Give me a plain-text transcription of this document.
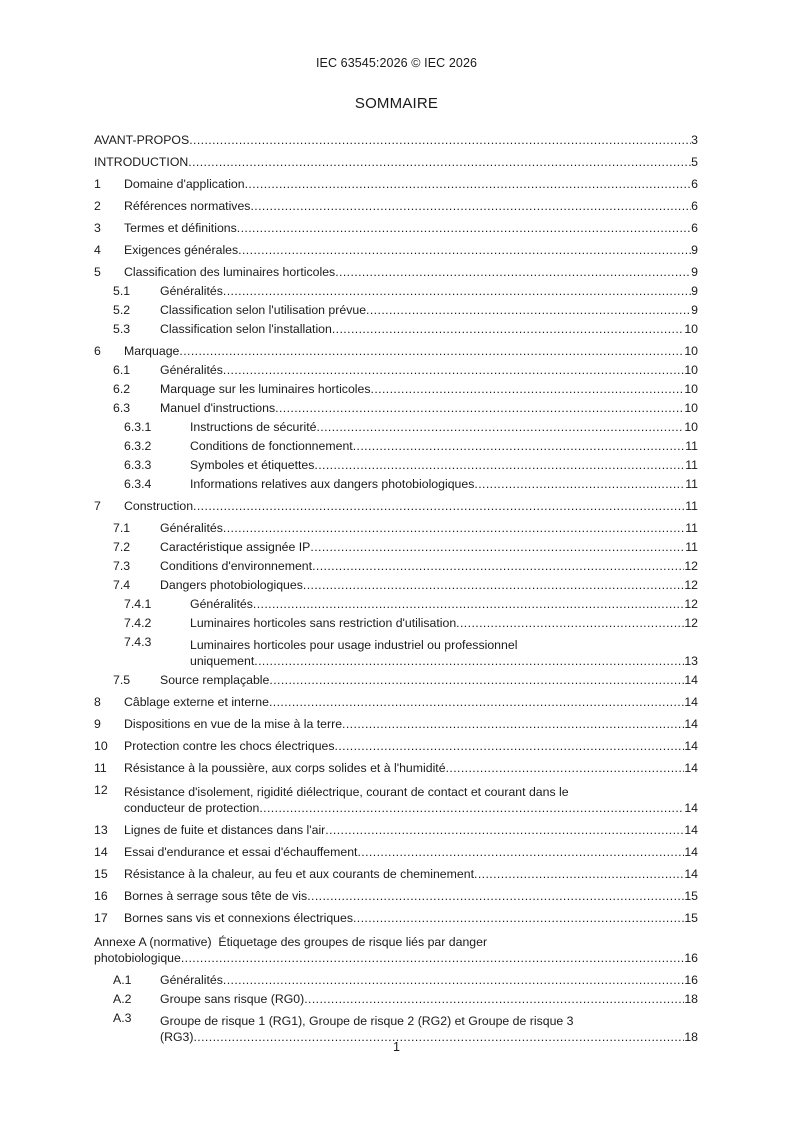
IEC 63545:2026 © IEC 2026
SOMMAIRE
AVANT-PROPOS .....	3
INTRODUCTION .....	5
1 Domaine d'application .....	6
2 Références normatives .....	6
3 Termes et définitions .....	6
4 Exigences générales .....	9
5 Classification des luminaires horticoles .....	9
5.1 Généralités .....	9
5.2 Classification selon l'utilisation prévue .....	9
5.3 Classification selon l'installation .....	10
6 Marquage .....	10
6.1 Généralités .....	10
6.2 Marquage sur les luminaires horticoles .....	10
6.3 Manuel d'instructions .....	10
6.3.1	Instructions de sécurité .....	10
6.3.2	Conditions de fonctionnement .....	11
6.3.3	Symboles et étiquettes .....	11
6.3.4	Informations relatives aux dangers photobiologiques .....	11
7 Construction .....	11
7.1 Généralités .....	11
7.2 Caractéristique assignée IP .....	11
7.3 Conditions d'environnement .....	12
7.4 Dangers photobiologiques .....	12
7.4.1	Généralités .....	12
7.4.2	Luminaires horticoles sans restriction d'utilisation .....	12
7.4.3	Luminaires horticoles pour usage industriel ou professionnel
uniquement .....	13
7.5 Source remplaçable .....	14
8 Câblage externe et interne .....	14
9 Dispositions en vue de la mise à la terre .....	14
10 Protection contre les chocs électriques .....	14
11 Résistance à la poussière, aux corps solides et à l'humidité .....	14
12 Résistance d'isolement, rigidité diélectrique, courant de contact et courant dans le
conducteur de protection .....	14
13 Lignes de fuite et distances dans l'air .....	14
14 Essai d'endurance et essai d'échauffement .....	14
15 Résistance à la chaleur, au feu et aux courants de cheminement .....	14
16 Bornes à serrage sous tête de vis .....	15
17 Bornes sans vis et connexions électriques .....	15
Annexe A (normative)  Étiquetage des groupes de risque liés par danger
photobiologique .....	16
A.1 Généralités .....	16
A.2 Groupe sans risque (RG0) .....	18
A.3 Groupe de risque 1 (RG1), Groupe de risque 2 (RG2) et Groupe de risque 3
(RG3) .....	18
1
